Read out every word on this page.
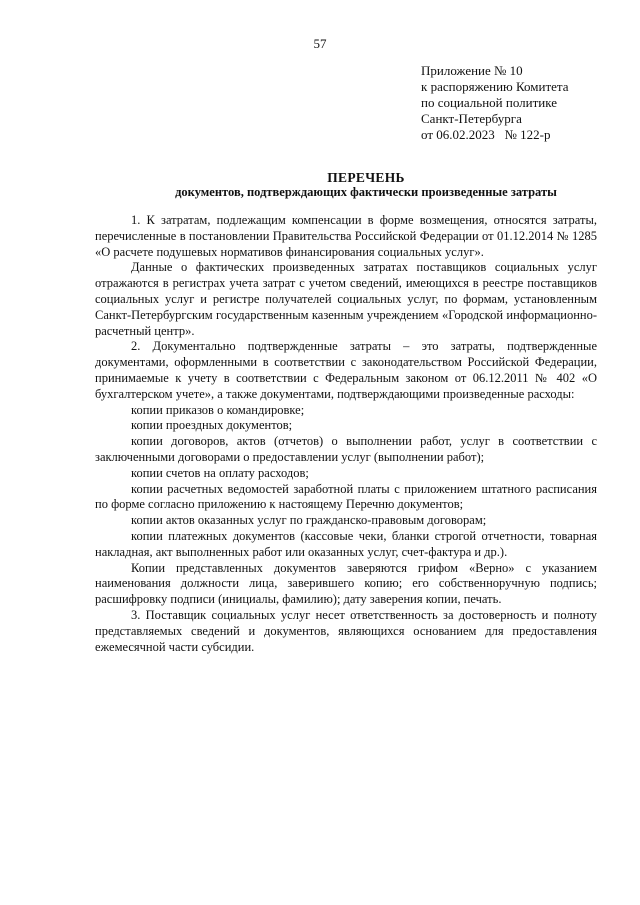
57
Приложение № 10
к распоряжению Комитета
по социальной политике
Санкт-Петербурга
от 06.02.2023   № 122-р
ПЕРЕЧЕНЬ
документов, подтверждающих фактически произведенные затраты

1. К затратам, подлежащим компенсации в форме возмещения, относятся затраты, перечисленные в постановлении Правительства Российской Федерации от 01.12.2014 № 1285 «О расчете подушевых нормативов финансирования социальных услуг».

Данные о фактических произведенных затратах поставщиков социальных услуг отражаются в регистрах учета затрат с учетом сведений, имеющихся в реестре поставщиков социальных услуг и регистре получателей социальных услуг, по формам, установленным Санкт-Петербургским государственным казенным учреждением «Городской информационно-расчетный центр».

2. Документально подтвержденные затраты – это затраты, подтвержденные документами, оформленными в соответствии с законодательством Российской Федерации, принимаемые к учету в соответствии с Федеральным законом от 06.12.2011 № 402 «О бухгалтерском учете», а также документами, подтверждающими произведенные расходы:

копии приказов о командировке;

копии проездных документов;

копии договоров, актов (отчетов) о выполнении работ, услуг в соответствии с заключенными договорами о предоставлении услуг (выполнении работ);

копии счетов на оплату расходов;

копии расчетных ведомостей заработной платы с приложением штатного расписания по форме согласно приложению к настоящему Перечню документов;

копии актов оказанных услуг по гражданско-правовым договорам;

копии платежных документов (кассовые чеки, бланки строгой отчетности, товарная накладная, акт выполненных работ или оказанных услуг, счет-фактура и др.).

Копии представленных документов заверяются грифом «Верно» с указанием наименования должности лица, заверившего копию; его собственноручную подпись; расшифровку подписи (инициалы, фамилию); дату заверения копии, печать.

3. Поставщик социальных услуг несет ответственность за достоверность и полноту представляемых сведений и документов, являющихся основанием для предоставления ежемесячной части субсидии.
